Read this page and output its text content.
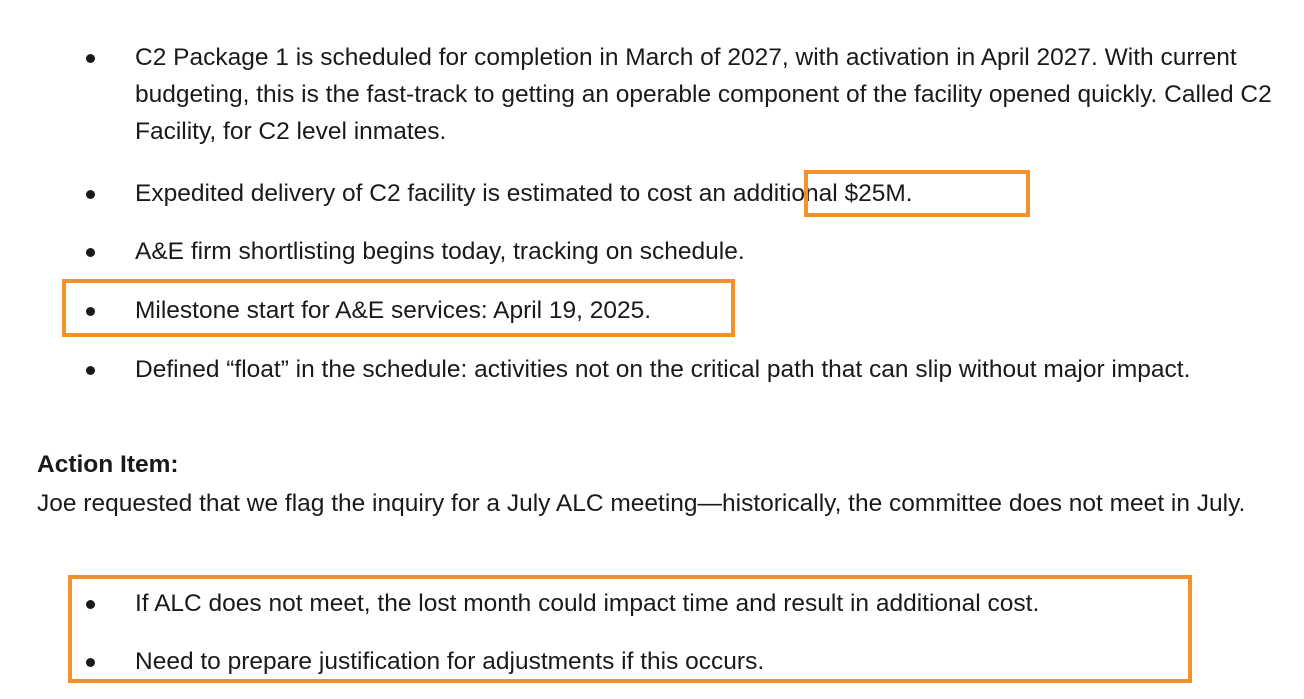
C2 Package 1 is scheduled for completion in March of 2027, with activation in April 2027. With current budgeting, this is the fast-track to getting an operable component of the facility opened quickly. Called C2 Facility, for C2 level inmates.
Expedited delivery of C2 facility is estimated to cost an additional $25M.
A&E firm shortlisting begins today, tracking on schedule.
Milestone start for A&E services: April 19, 2025.
Defined “float” in the schedule: activities not on the critical path that can slip without major impact.
Action Item:
Joe requested that we flag the inquiry for a July ALC meeting—historically, the committee does not meet in July.
If ALC does not meet, the lost month could impact time and result in additional cost.
Need to prepare justification for adjustments if this occurs.
